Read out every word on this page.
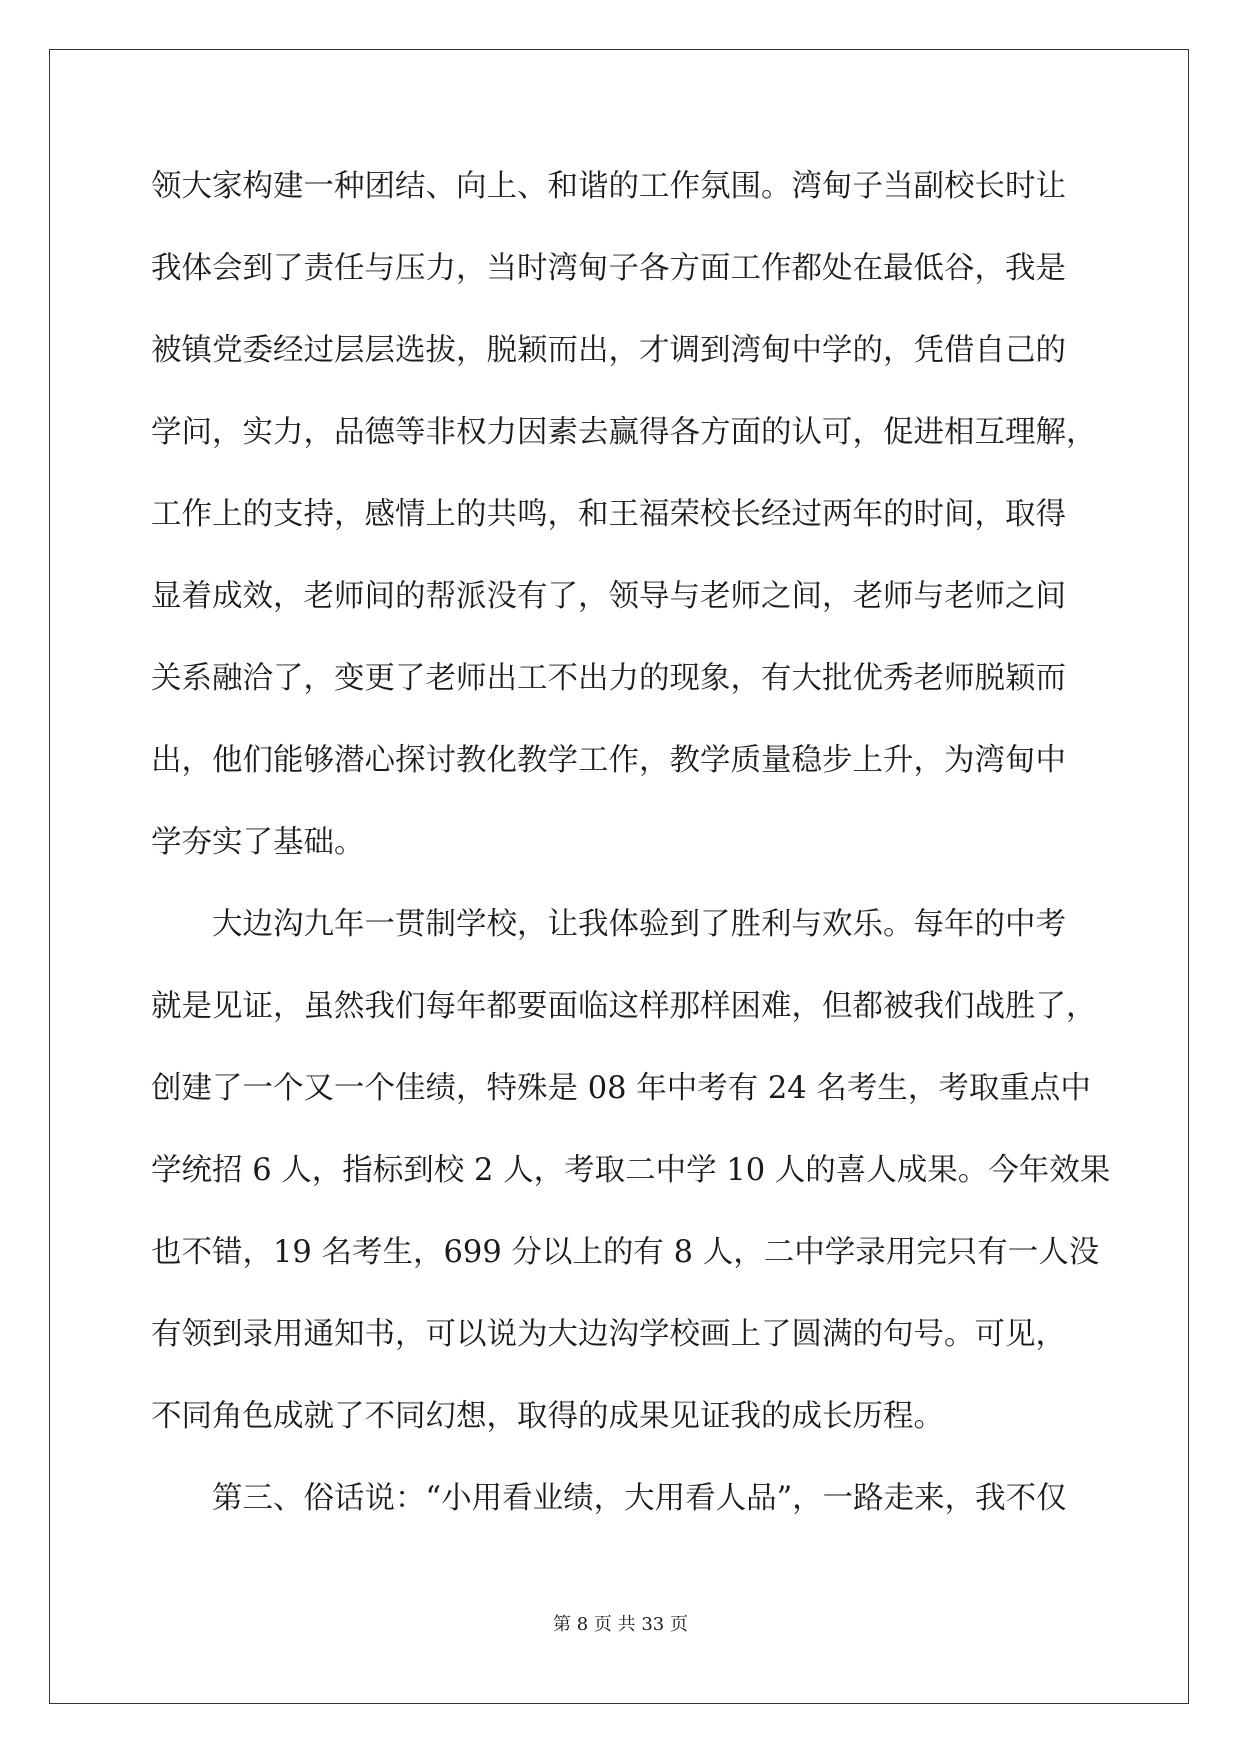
领大家构建一种团结、向上、和谐的工作氛围。湾甸子当副校长时让
我体会到了责任与压力，当时湾甸子各方面工作都处在最低谷，我是
被镇党委经过层层选拔，脱颖而出，才调到湾甸中学的，凭借自己的
学问，实力，品德等非权力因素去赢得各方面的认可，促进相互理解，
工作上的支持，感情上的共鸣，和王福荣校长经过两年的时间，取得
显着成效，老师间的帮派没有了，领导与老师之间，老师与老师之间
关系融洽了，变更了老师出工不出力的现象，有大批优秀老师脱颖而
出，他们能够潜心探讨教化教学工作，教学质量稳步上升，为湾甸中
学夯实了基础。
大边沟九年一贯制学校，让我体验到了胜利与欢乐。每年的中考
就是见证，虽然我们每年都要面临这样那样困难，但都被我们战胜了，
创建了一个又一个佳绩，特殊是 08 年中考有 24 名考生，考取重点中
学统招 6 人，指标到校 2 人，考取二中学 10 人的喜人成果。今年效果
也不错，19 名考生，699 分以上的有 8 人，二中学录用完只有一人没
有领到录用通知书，可以说为大边沟学校画上了圆满的句号。可见，
不同角色成就了不同幻想，取得的成果见证我的成长历程。
第三、俗话说：“小用看业绩，大用看人品”，一路走来，我不仅
第 8 页 共 33 页
